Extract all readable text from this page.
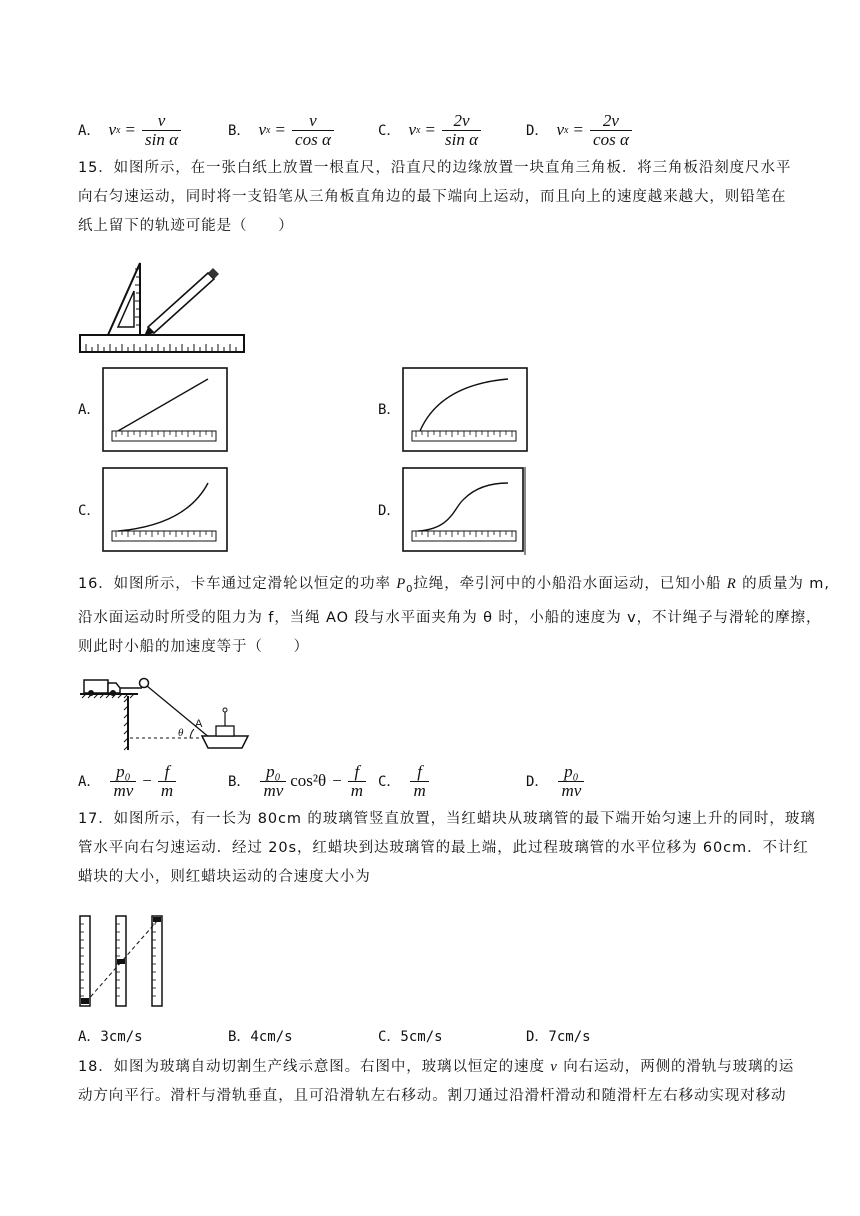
A． v $x = \frac{v}{\text{sin α}}$	B． v $x = \frac{v}{\text{cos α}}$	C． v $x = \frac{2v}{\text{sin α}}$	D． v $x = \frac{2v}{\text{cos α}}$
15．如图所示，在一张白纸上放置一根直尺，沿直尺的边缘放置一块直角三角板．将三角板沿刻度尺水平
向右匀速运动，同时将一支铅笔从三角板直角边的最下端向上运动，而且向上的速度越来越大，则铅笔在
纸上留下的轨迹可能是（　　）
A．	B．
C．	D．
16．如图所示，卡车通过定滑轮以恒定的功率 $P_0$拉绳，牵引河中的小船沿水面运动，已知小船 R 的质量为 m,
沿水面运动时所受的阻力为 f，当绳 AO 段与水平面夹角为 θ 时，小船的速度为 v，不计绳子与滑轮的摩擦，
则此时小船的加速度等于（　　）
θ
A
A． $\frac{\text{p₀}}{mv} - \frac{f}{m}$	B． $\frac{\text{p₀}}{mv} \cos^2\theta - \frac{f}{m}$ C． $\frac{f}{m}$	D． $\frac{\text{p₀}}{mv}$
17．如图所示，有一长为 80cm 的玻璃管竖直放置，当红蜡块从玻璃管的最下端开始匀速上升的同时，玻璃
管水平向右匀速运动．经过 20s，红蜡块到达玻璃管的最上端，此过程玻璃管的水平位移为 60cm．不计红
蜡块的大小，则红蜡块运动的合速度大小为
A．3cm/s	B．4cm/s	C．5cm/s	D．7cm/s
18．如图为玻璃自动切割生产线示意图。右图中，玻璃以恒定的速度 v 向右运动，两侧的滑轨与玻璃的运
动方向平行。滑杆与滑轨垂直，且可沿滑轨左右移动。割刀通过沿滑杆滑动和随滑杆左右移动实现对移动
